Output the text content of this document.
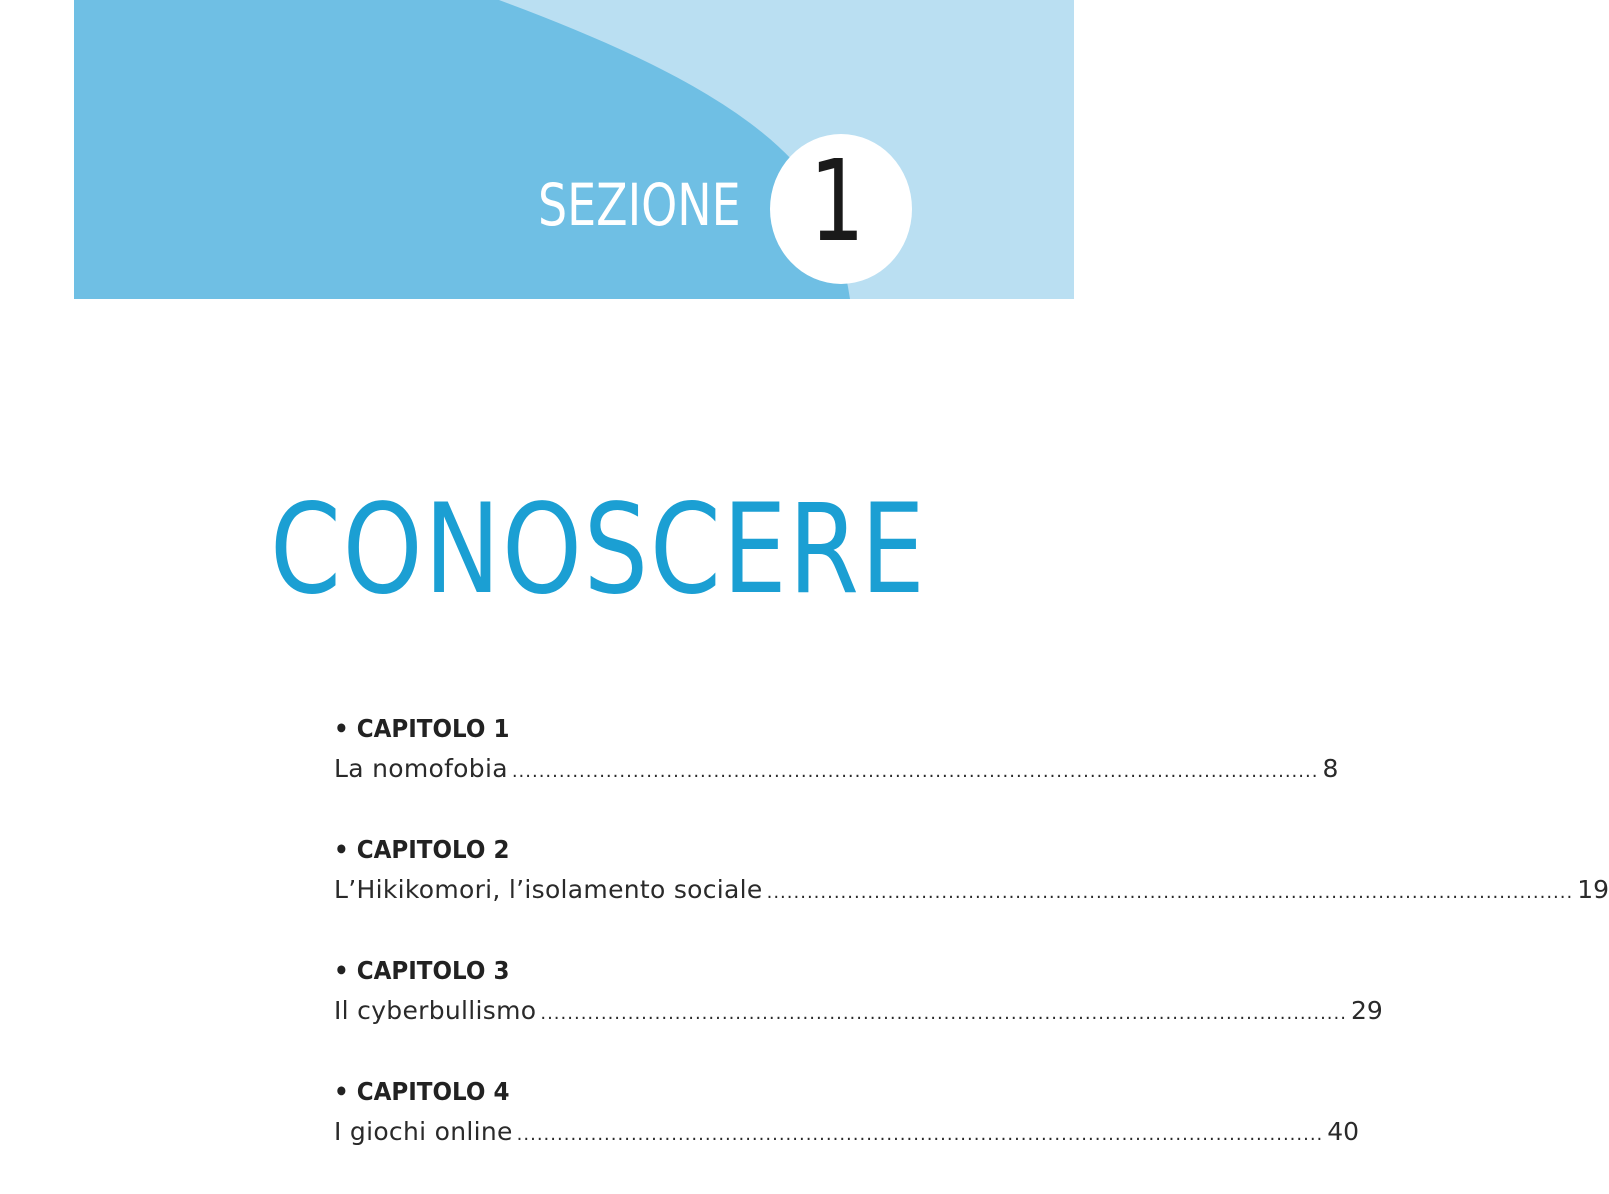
SEZIONE 1
CONOSCERE
• CAPITOLO 1
La nomofobia ........................................................................................................................ 8
• CAPITOLO 2
L’Hikikomori, l’isolamento sociale ........................................................................................................................ 19
• CAPITOLO 3
Il cyberbullismo ........................................................................................................................ 29
• CAPITOLO 4
I giochi online ........................................................................................................................ 40
